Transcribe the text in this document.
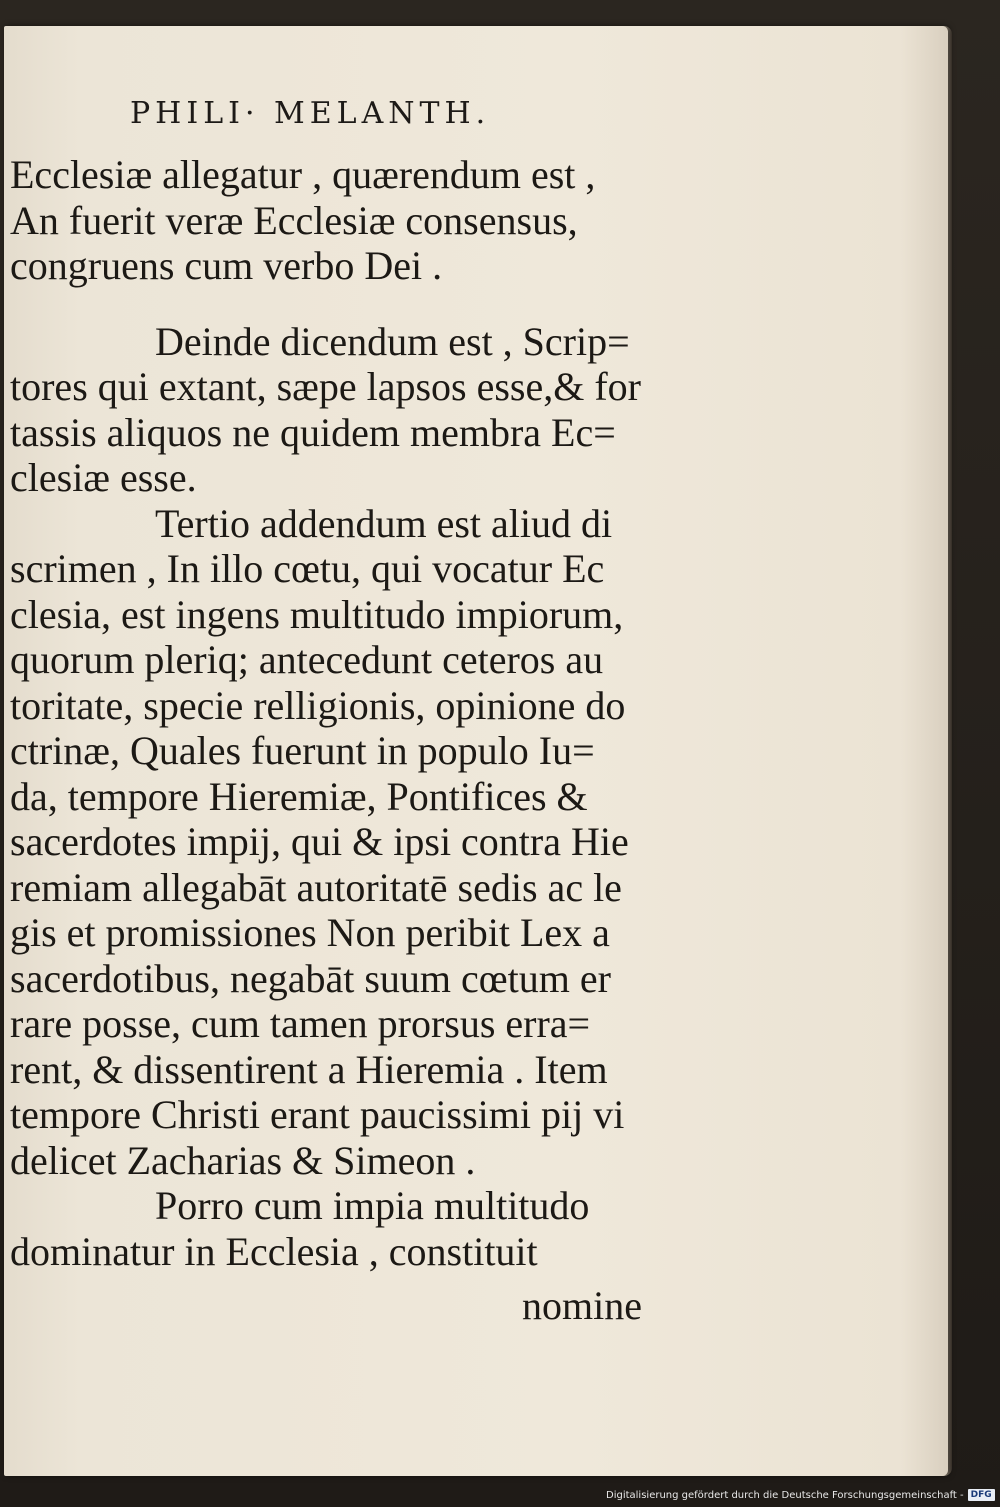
PHILI· MELANTH.
Ecclesiæ allegatur , quærendum est ,
An fuerit veræ Ecclesiæ consensus,
congruens cum verbo Dei .
Deinde dicendum est , Scrip=
tores qui extant, sæpe lapsos esse,& for
tassis aliquos ne quidem membra Ec=
clesiæ esse.
Tertio addendum est aliud di
scrimen , In illo cœtu, qui vocatur Ec
clesia, est ingens multitudo impiorum,
quorum pleriq; antecedunt ceteros au
toritate, specie relligionis, opinione do
ctrinæ, Quales fuerunt in populo Iu=
da, tempore Hieremiæ, Pontifices &
sacerdotes impij, qui & ipsi contra Hie
remiam allegabāt autoritatē sedis ac le
gis et promissiones Non peribit Lex a
sacerdotibus, negabāt suum cœtum er
rare posse, cum tamen prorsus erra=
rent, & dissentirent a Hieremia . Item
tempore Christi erant paucissimi pij vi
delicet Zacharias & Simeon .
Porro cum impia multitudo
dominatur in Ecclesia , constituit
nomine
Digitalisierung gefördert durch die Deutsche Forschungsgemeinschaft - DFG
